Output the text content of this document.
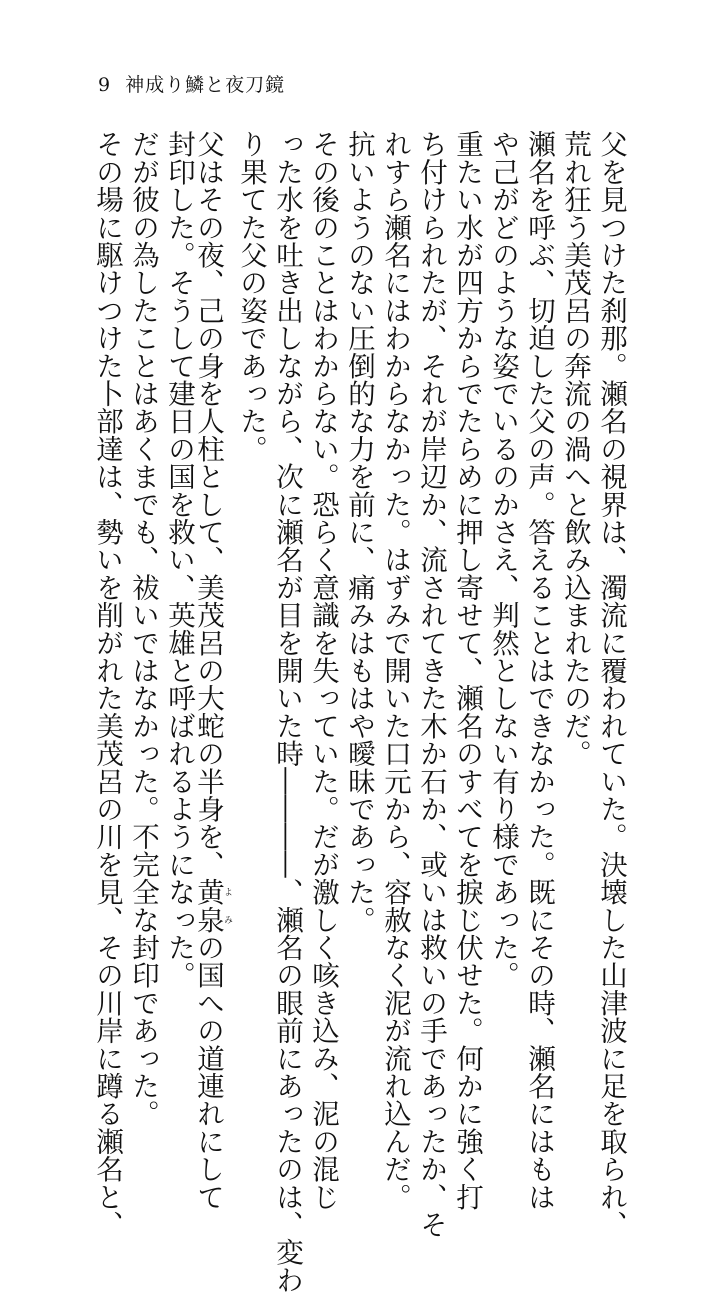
9 神成り鱗と夜刀鏡
父を見つけた刹那。瀬名の視界は、濁流に覆われていた。決壊した山津波に足を取られ、
荒れ狂う美茂呂の奔流の渦へと飲み込まれたのだ。
瀬名を呼ぶ、切迫した父の声。答えることはできなかった。既にその時、瀬名にはもは
や己がどのような姿でいるのかさえ、判然としない有り様であった。
重たい水が四方からでたらめに押し寄せて、瀬名のすべてを捩じ伏せた。何かに強く打
ち付けられたが、それが岸辺か、流されてきた木か石か、或いは救いの手であったか、そ
れすら瀬名にはわからなかった。はずみで開いた口元から、容赦なく泥が流れ込んだ。
抗いようのない圧倒的な力を前に、痛みはもはや曖昧であった。
その後のことはわからない。恐らく意識を失っていた。だが激しく咳き込み、泥の混じ
った水を吐き出しながら、次に瀬名が目を開いた時――――、瀬名の眼前にあったのは、変わ
り果てた父の姿であった。
父はその夜、己の身を人柱として、美茂呂の大蛇の半身を、黄泉よみの国への道連れにして
封印した。そうして建日の国を救い、英雄と呼ばれるようになった。
だが彼の為したことはあくまでも、祓いではなかった。不完全な封印であった。
その場に駆けつけた卜部達は、勢いを削がれた美茂呂の川を見、その川岸に蹲る瀬名と、
